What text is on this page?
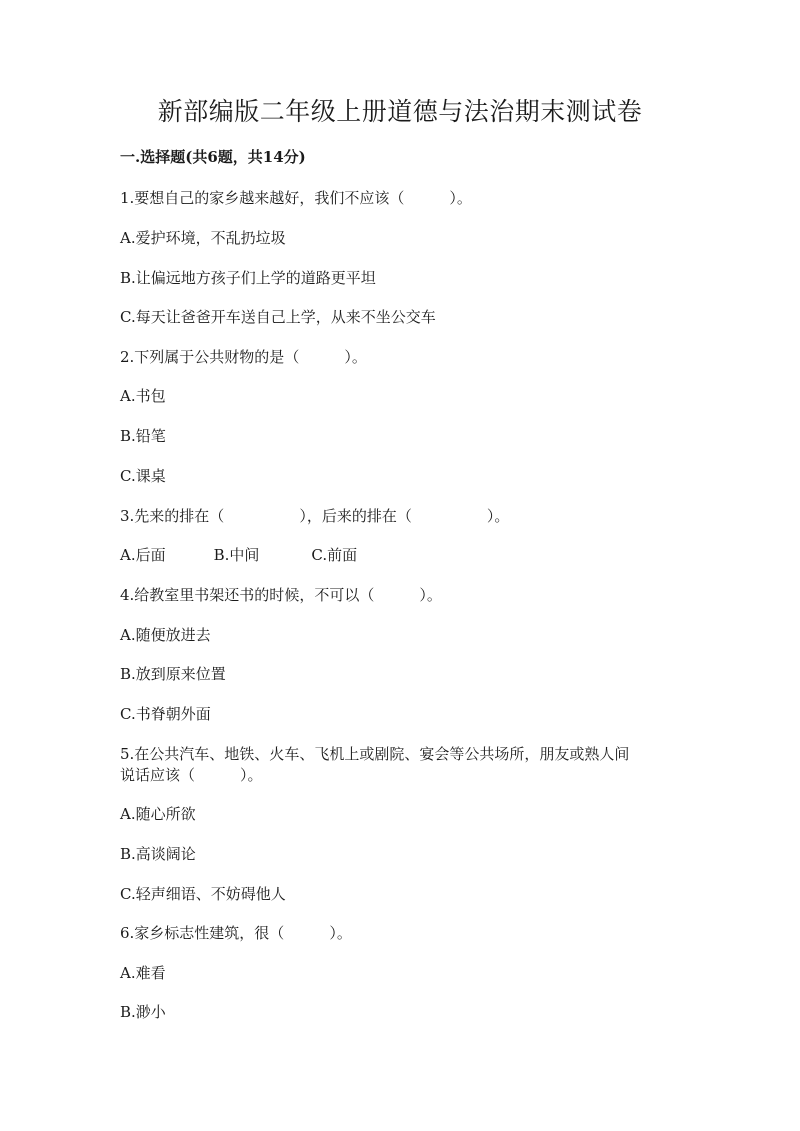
新部编版二年级上册道德与法治期末测试卷
一.选择题(共6题，共14分)
1.要想自己的家乡越来越好，我们不应该（　　　）。
A.爱护环境，不乱扔垃圾
B.让偏远地方孩子们上学的道路更平坦
C.每天让爸爸开车送自己上学，从来不坐公交车
2.下列属于公共财物的是（　　　）。
A.书包
B.铅笔
C.课桌
3.先来的排在（　　　　　），后来的排在（　　　　　）。
A.后面	B.中间	C.前面
4.给教室里书架还书的时候，不可以（　　　）。
A.随便放进去
B.放到原来位置
C.书脊朝外面
5.在公共汽车、地铁、火车、飞机上或剧院、宴会等公共场所，朋友或熟人间
说话应该（　　　）。
A.随心所欲
B.高谈阔论
C.轻声细语、不妨碍他人
6.家乡标志性建筑，很（　　　）。
A.难看
B.渺小
